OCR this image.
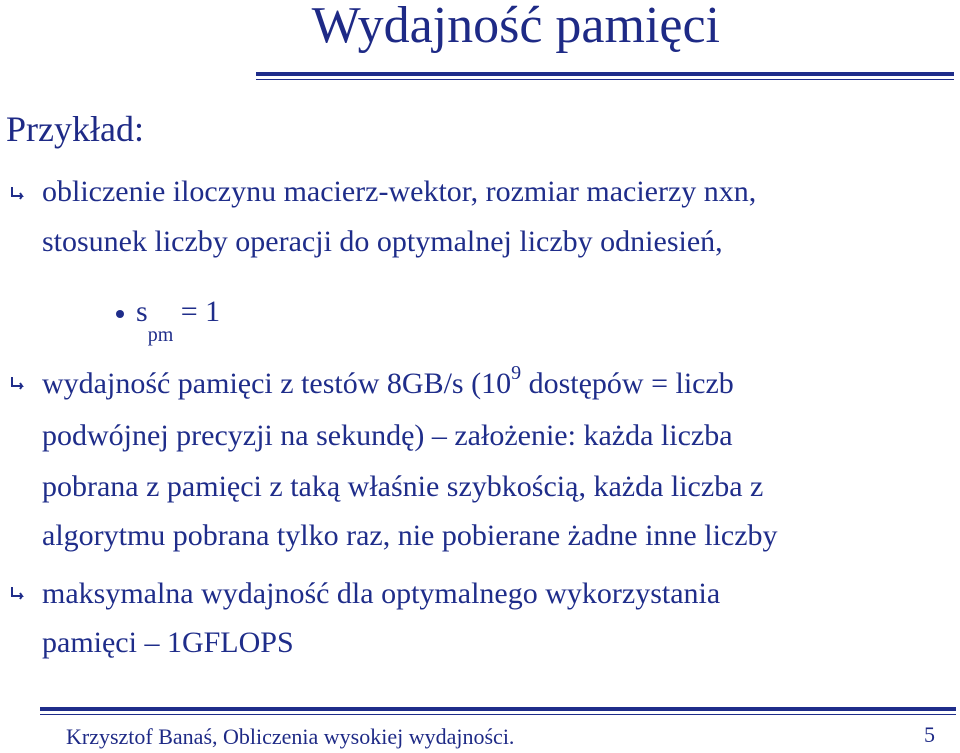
Wydajność pamięci
Przykład:
obliczenie iloczynu macierz-wektor, rozmiar macierzy nxn,
stosunek liczby operacji do optymalnej liczby odniesień,
$s_{pm} = 1$
wydajność pamięci z testów 8GB/s ($10^9$ dostępów = liczb
podwójnej precyzji na sekundę) – założenie: każda liczba
pobrana z pamięci z taką właśnie szybkością, każda liczba z
algorytmu pobrana tylko raz, nie pobierane żadne inne liczby
maksymalna wydajność dla optymalnego wykorzystania
pamięci – 1GFLOPS
Krzysztof Banaś, Obliczenia wysokiej wydajności.	5
